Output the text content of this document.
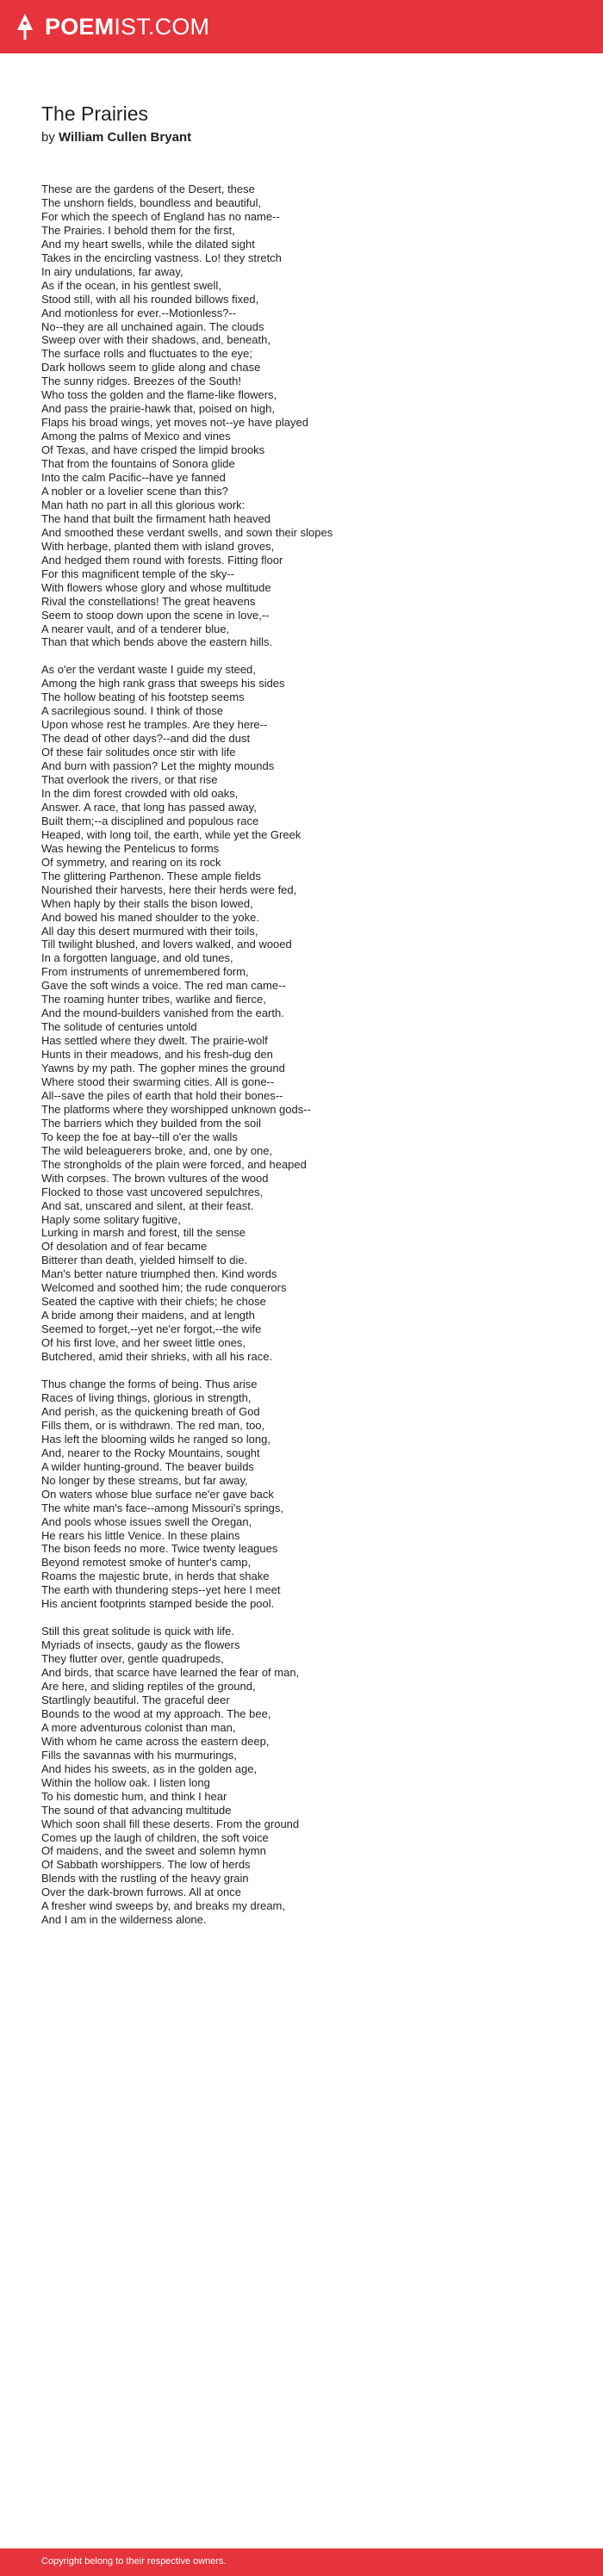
POEMIST.COM
The Prairies
by William Cullen Bryant
These are the gardens of the Desert, these
The unshorn fields, boundless and beautiful,
For which the speech of England has no name--
The Prairies. I behold them for the first,
And my heart swells, while the dilated sight
Takes in the encircling vastness. Lo! they stretch
In airy undulations, far away,
As if the ocean, in his gentlest swell,
Stood still, with all his rounded billows fixed,
And motionless for ever.--Motionless?--
No--they are all unchained again. The clouds
Sweep over with their shadows, and, beneath,
The surface rolls and fluctuates to the eye;
Dark hollows seem to glide along and chase
The sunny ridges. Breezes of the South!
Who toss the golden and the flame-like flowers,
And pass the prairie-hawk that, poised on high,
Flaps his broad wings, yet moves not--ye have played
Among the palms of Mexico and vines
Of Texas, and have crisped the limpid brooks
That from the fountains of Sonora glide
Into the calm Pacific--have ye fanned
A nobler or a lovelier scene than this?
Man hath no part in all this glorious work:
The hand that built the firmament hath heaved
And smoothed these verdant swells, and sown their slopes
With herbage, planted them with island groves,
And hedged them round with forests. Fitting floor
For this magnificent temple of the sky--
With flowers whose glory and whose multitude
Rival the constellations! The great heavens
Seem to stoop down upon the scene in love,--
A nearer vault, and of a tenderer blue,
Than that which bends above the eastern hills.
As o'er the verdant waste I guide my steed,
Among the high rank grass that sweeps his sides
The hollow beating of his footstep seems
A sacrilegious sound. I think of those
Upon whose rest he tramples. Are they here--
The dead of other days?--and did the dust
Of these fair solitudes once stir with life
And burn with passion? Let the mighty mounds
That overlook the rivers, or that rise
In the dim forest crowded with old oaks,
Answer. A race, that long has passed away,
Built them;--a disciplined and populous race
Heaped, with long toil, the earth, while yet the Greek
Was hewing the Pentelicus to forms
Of symmetry, and rearing on its rock
The glittering Parthenon. These ample fields
Nourished their harvests, here their herds were fed,
When haply by their stalls the bison lowed,
And bowed his maned shoulder to the yoke.
All day this desert murmured with their toils,
Till twilight blushed, and lovers walked, and wooed
In a forgotten language, and old tunes,
From instruments of unremembered form,
Gave the soft winds a voice. The red man came--
The roaming hunter tribes, warlike and fierce,
And the mound-builders vanished from the earth.
The solitude of centuries untold
Has settled where they dwelt. The prairie-wolf
Hunts in their meadows, and his fresh-dug den
Yawns by my path. The gopher mines the ground
Where stood their swarming cities. All is gone--
All--save the piles of earth that hold their bones--
The platforms where they worshipped unknown gods--
The barriers which they builded from the soil
To keep the foe at bay--till o'er the walls
The wild beleaguerers broke, and, one by one,
The strongholds of the plain were forced, and heaped
With corpses. The brown vultures of the wood
Flocked to those vast uncovered sepulchres,
And sat, unscared and silent, at their feast.
Haply some solitary fugitive,
Lurking in marsh and forest, till the sense
Of desolation and of fear became
Bitterer than death, yielded himself to die.
Man's better nature triumphed then. Kind words
Welcomed and soothed him; the rude conquerors
Seated the captive with their chiefs; he chose
A bride among their maidens, and at length
Seemed to forget,--yet ne'er forgot,--the wife
Of his first love, and her sweet little ones,
Butchered, amid their shrieks, with all his race.
Thus change the forms of being. Thus arise
Races of living things, glorious in strength,
And perish, as the quickening breath of God
Fills them, or is withdrawn. The red man, too,
Has left the blooming wilds he ranged so long,
And, nearer to the Rocky Mountains, sought
A wilder hunting-ground. The beaver builds
No longer by these streams, but far away,
On waters whose blue surface ne'er gave back
The white man's face--among Missouri's springs,
And pools whose issues swell the Oregan,
He rears his little Venice. In these plains
The bison feeds no more. Twice twenty leagues
Beyond remotest smoke of hunter's camp,
Roams the majestic brute, in herds that shake
The earth with thundering steps--yet here I meet
His ancient footprints stamped beside the pool.
Still this great solitude is quick with life.
Myriads of insects, gaudy as the flowers
They flutter over, gentle quadrupeds,
And birds, that scarce have learned the fear of man,
Are here, and sliding reptiles of the ground,
Startlingly beautiful. The graceful deer
Bounds to the wood at my approach. The bee,
A more adventurous colonist than man,
With whom he came across the eastern deep,
Fills the savannas with his murmurings,
And hides his sweets, as in the golden age,
Within the hollow oak. I listen long
To his domestic hum, and think I hear
The sound of that advancing multitude
Which soon shall fill these deserts. From the ground
Comes up the laugh of children, the soft voice
Of maidens, and the sweet and solemn hymn
Of Sabbath worshippers. The low of herds
Blends with the rustling of the heavy grain
Over the dark-brown furrows. All at once
A fresher wind sweeps by, and breaks my dream,
And I am in the wilderness alone.
Copyright belong to their respective owners.
